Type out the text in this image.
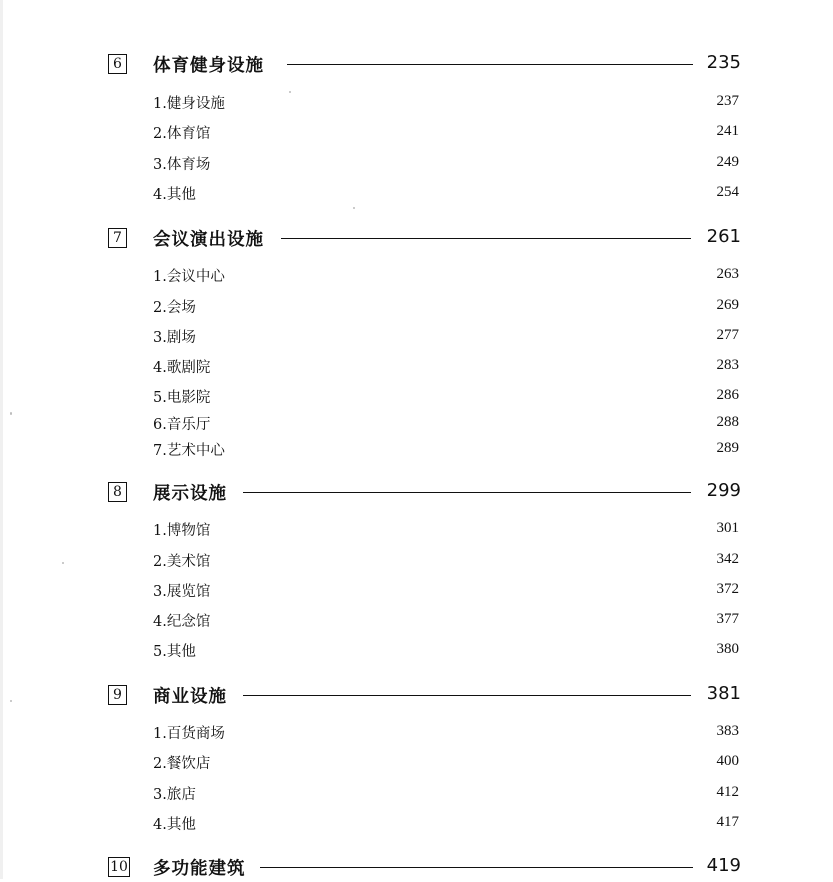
6 体育健身设施	235
1.健身设施	237
2.体育馆	241
3.体育场	249
4.其他	254
7 会议演出设施	261
1.会议中心	263
2.会场	269
3.剧场	277
4.歌剧院	283
5.电影院	286
6.音乐厅	288
7.艺术中心	289
8 展示设施	299
1.博物馆	301
2.美术馆	342
3.展览馆	372
4.纪念馆	377
5.其他	380
9 商业设施	381
1.百货商场	383
2.餐饮店	400
3.旅店	412
4.其他	417
10 多功能建筑	419
